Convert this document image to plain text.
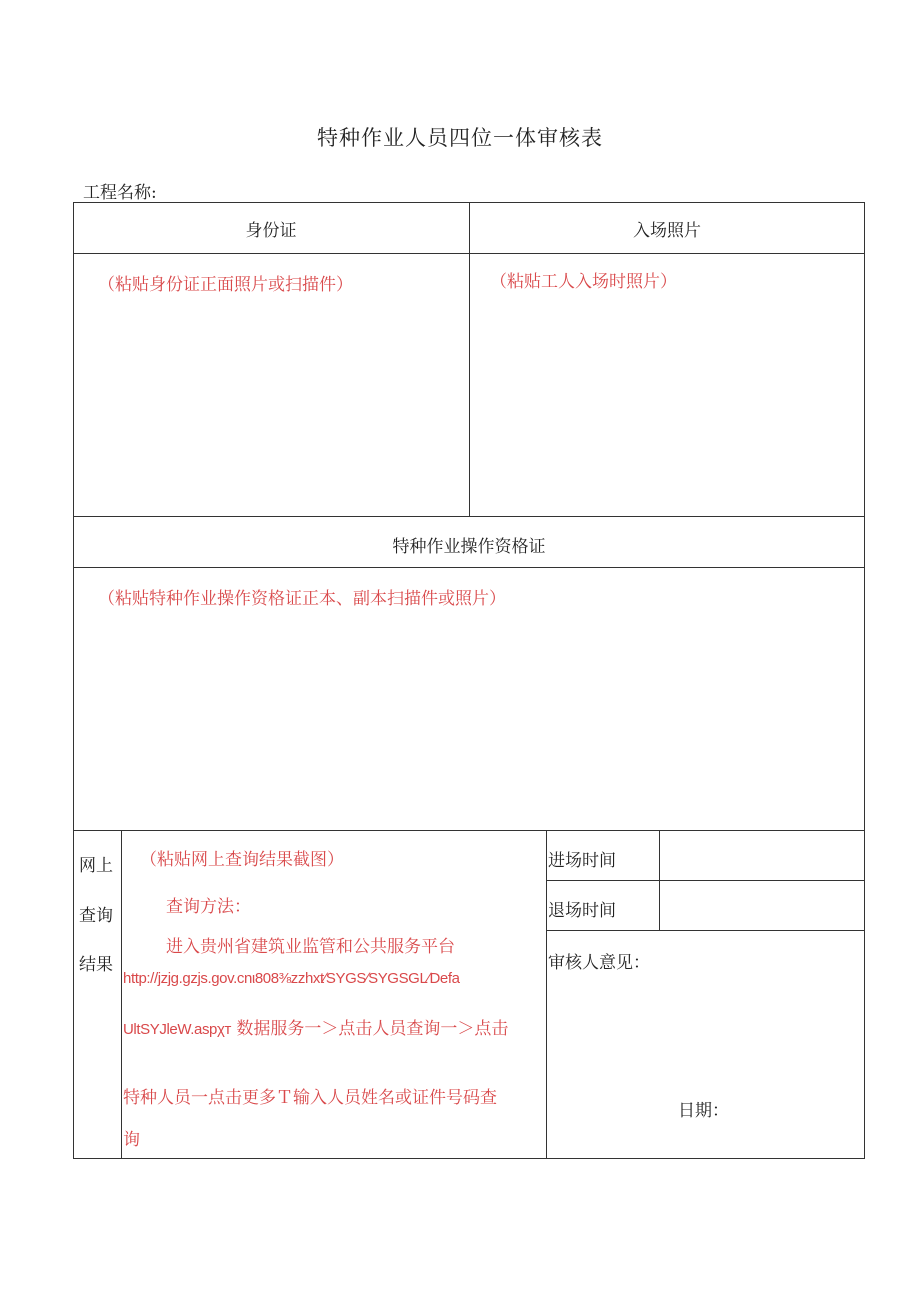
特种作业人员四位一体审核表
工程名称:
身份证	入场照片
特种作业操作资格证
（粘贴身份证正面照片或扫描件）	（粘贴工人入场时照片）
（粘贴特种作业操作资格证正本、副本扫描件或照片）
网上
查询
结果
（粘贴网上查询结果截图）
查询方法：
进入贵州省建筑业监管和公共服务平台
http://jzjg.gzjs.gov.cnι808⅜zzhxt∕SYGS∕SYGSGL∕Defa
UltSYJleW.aspχт 数据服务一＞点击人员查询一＞点击
特种人员一点击更多Ｔ输入人员姓名或证件号码查
询
进场时间
退场时间
审核人意见：
日期：
